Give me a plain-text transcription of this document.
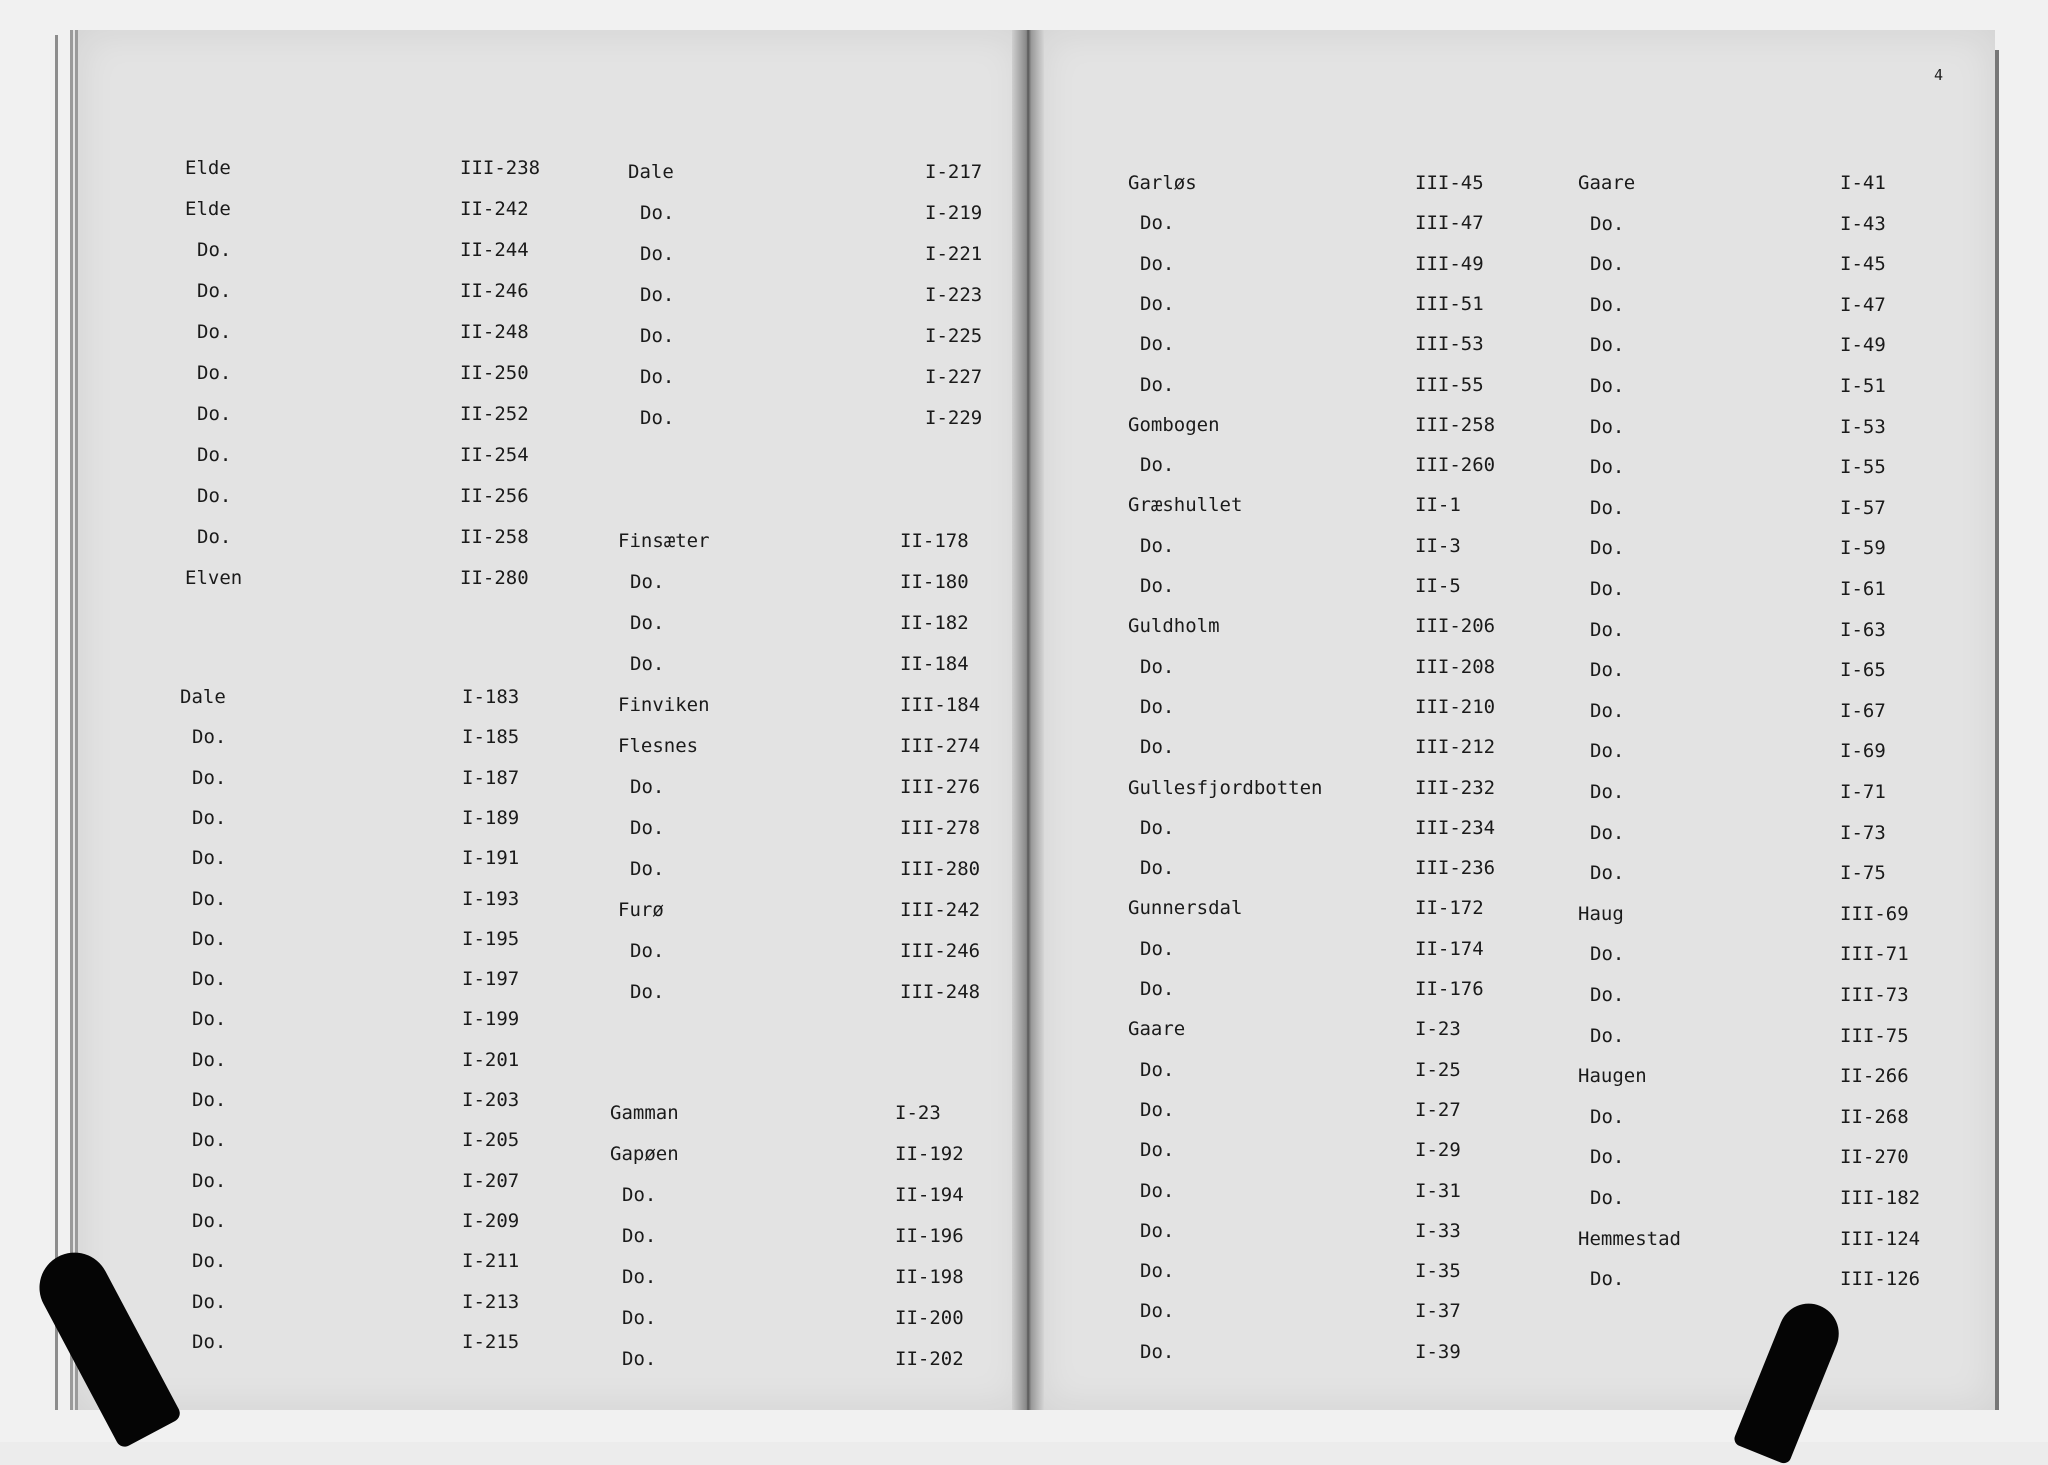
4
Elde	III-238
Elde	II-242
Do.	II-244
Do.	II-246
Do.	II-248
Do.	II-250
Do.	II-252
Do.	II-254
Do.	II-256
Do.	II-258
Elven	II-280
Dale	I-183
Do.	I-185
Do.	I-187
Do.	I-189
Do.	I-191
Do.	I-193
Do.	I-195
Do.	I-197
Do.	I-199
Do.	I-201
Do.	I-203
Do.	I-205
Do.	I-207
Do.	I-209
Do.	I-211
Do.	I-213
Do.	I-215
Dale	I-217
Do.	I-219
Do.	I-221
Do.	I-223
Do.	I-225
Do.	I-227
Do.	I-229
Finsæter	II-178
Do.	II-180
Do.	II-182
Do.	II-184
Finviken	III-184
Flesnes	III-274
Do.	III-276
Do.	III-278
Do.	III-280
Furø	III-242
Do.	III-246
Do.	III-248
Gamman	I-23
Gapøen	II-192
Do.	II-194
Do.	II-196
Do.	II-198
Do.	II-200
Do.	II-202
Garløs	III-45
Do.	III-47
Do.	III-49
Do.	III-51
Do.	III-53
Do.	III-55
Gombogen	III-258
Do.	III-260
Græshullet	II-1
Do.	II-3
Do.	II-5
Guldholm	III-206
Do.	III-208
Do.	III-210
Do.	III-212
Gullesfjordbotten	III-232
Do.	III-234
Do.	III-236
Gunnersdal	II-172
Do.	II-174
Do.	II-176
Gaare	I-23
Do.	I-25
Do.	I-27
Do.	I-29
Do.	I-31
Do.	I-33
Do.	I-35
Do.	I-37
Do.	I-39
Gaare	I-41
Do.	I-43
Do.	I-45
Do.	I-47
Do.	I-49
Do.	I-51
Do.	I-53
Do.	I-55
Do.	I-57
Do.	I-59
Do.	I-61
Do.	I-63
Do.	I-65
Do.	I-67
Do.	I-69
Do.	I-71
Do.	I-73
Do.	I-75
Haug	III-69
Do.	III-71
Do.	III-73
Do.	III-75
Haugen	II-266
Do.	II-268
Do.	II-270
Do.	III-182
Hemmestad	III-124
Do.	III-126
